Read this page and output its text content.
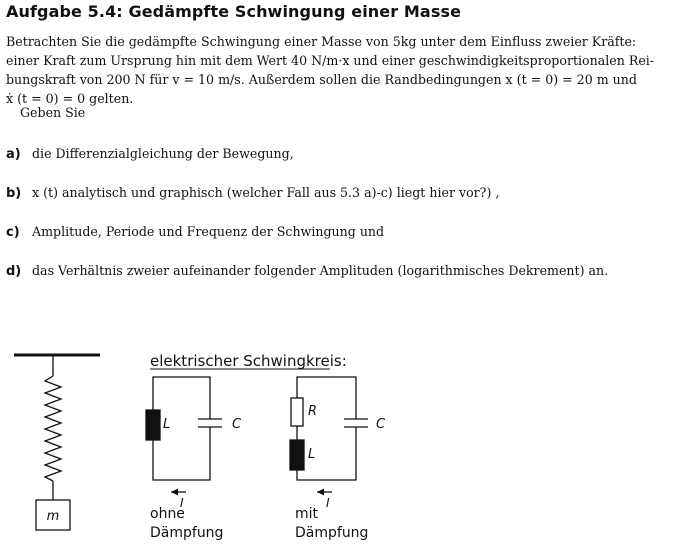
Aufgabe 5.4: Gedämpfte Schwingung einer Masse

Betrachten Sie die gedämpfte Schwingung einer Masse von 5kg unter dem Einfluss zweier Kräfte:

einer Kraft zum Ursprung hin mit dem Wert 40 N/m·x und einer geschwindigkeitsproportionalen Rei-

bungskraft von 200 N für v = 10 m/s. Außerdem sollen die Randbedingungen x (t = 0) = 20 m und

ẋ (t = 0) = 0 gelten.

Geben Sie
a) die Differenzialgleichung der Bewegung,
b) x (t) analytisch und graphisch (welcher Fall aus 5.3 a)-c) liegt hier vor?) ,
c) Amplitude, Periode und Frequenz der Schwingung und
d) das Verhältnis zweier aufeinander folgender Amplituden (logarithmisches Dekrement) an.
m
elektrischer Schwingkreis:
L	C
I
ohne
Dämpfung
R
L
C
I
mit
Dämpfung
